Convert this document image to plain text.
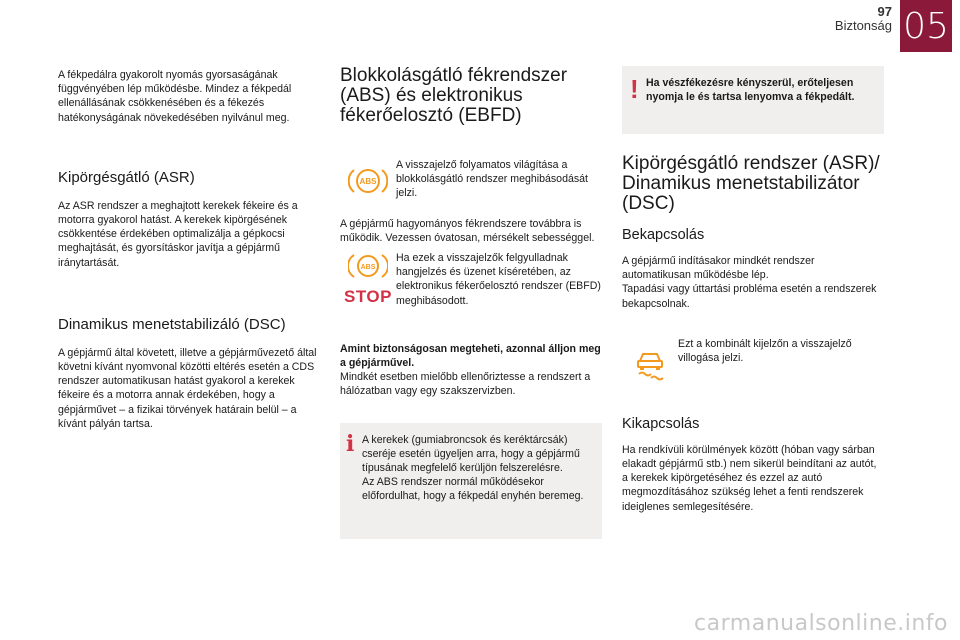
97
Biztonság 05

A fékpedálra gyakorolt nyomás gyorsaságának függvényében lép működésbe. Mindez a fékpedál ellenállásának csökkenésében és a fékezés hatékonyságának növekedésében nyilvánul meg.

Kipörgésgátló (ASR)

Az ASR rendszer a meghajtott kerekek fékeire és a motorra gyakorol hatást. A kerekek kipörgésének csökkentése érdekében optimalizálja a gépkocsi meghajtását, és gyorsításkor javítja a gépjármű iránytartását.

Dinamikus menetstabilizáló (DSC)

A gépjármű által követett, illetve a gépjárművezető által követni kívánt nyomvonal közötti eltérés esetén a CDS rendszer automatikusan hatást gyakorol a kerekek fékeire és a motorra annak érdekében, hogy a gépjárművet – a fizikai törvények határain belül – a kívánt pályán tartsa.

Blokkolásgátló fékrendszer (ABS) és elektronikus fékerőelosztó (EBFD)
ABS

A visszajelző folyamatos világítása a blokkolásgátló rendszer meghibásodását jelzi.

A gépjármű hagyományos fékrendszere továbbra is működik. Vezessen óvatosan, mérsékelt sebességgel.

ABS
STOP

Ha ezek a visszajelzők felgyulladnak hangjelzés és üzenet kíséretében, az elektronikus fékerőelosztó rendszer (EBFD) meghibásodott.

Amint biztonságosan megteheti, azonnal álljon meg a gépjárművel.

Mindkét esetben mielőbb ellenőriztesse a rendszert a hálózatban vagy egy szakszervizben.

i A kerekek (gumiabroncsok és keréktárcsák) cseréje esetén ügyeljen arra, hogy a gépjármű típusának megfelelő kerüljön felszerelésre.

Az ABS rendszer normál működésekor előfordulhat, hogy a fékpedál enyhén beremeg.

! Ha vészfékezésre kényszerül, erőteljesen nyomja le és tartsa lenyomva a fékpedált.

Kipörgésgátló rendszer (ASR)/ Dinamikus menetstabilizátor (DSC)
Bekapcsolás

A gépjármű indításakor mindkét rendszer automatikusan működésbe lép.

Tapadási vagy úttartási probléma esetén a rendszerek bekapcsolnak.

Ezt a kombinált kijelzőn a visszajelző villogása jelzi.

Kikapcsolás

Ha rendkívüli körülmények között (hóban vagy sárban elakadt gépjármű stb.) nem sikerül beindítani az autót, a kerekek kipörgetéséhez és ezzel az autó megmozdításához szükség lehet a fenti rendszerek ideiglenes semlegesítésére.

carmanualsonline.info
